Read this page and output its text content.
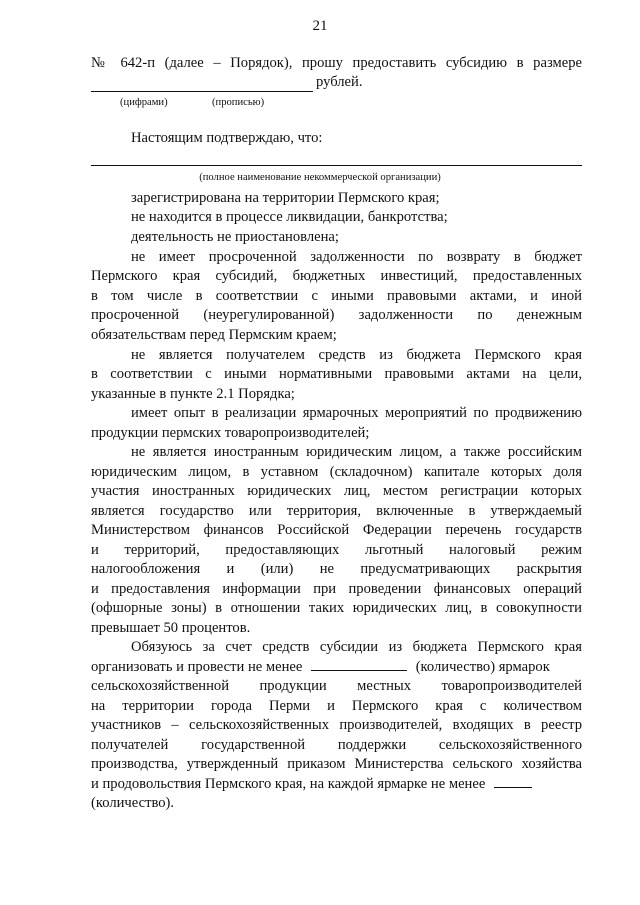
21
№ 642-п (далее – Порядок), прошу предоставить субсидию в размере
рублей.
(цифрами)	(прописью)
Настоящим подтверждаю, что:
(полное наименование некоммерческой организации)
зарегистрирована на территории Пермского края;
не находится в процессе ликвидации, банкротства;
деятельность не приостановлена;
не имеет просроченной задолженности по возврату в бюджет
Пермского края субсидий, бюджетных инвестиций, предоставленных
в том числе в соответствии с иными правовыми актами, и иной
просроченной (неурегулированной) задолженности по денежным
обязательствам перед Пермским краем;
не является получателем средств из бюджета Пермского края
в соответствии с иными нормативными правовыми актами на цели,
указанные в пункте 2.1 Порядка;
имеет опыт в реализации ярмарочных мероприятий по продвижению
продукции пермских товаропроизводителей;
не является иностранным юридическим лицом, а также российским
юридическим лицом, в уставном (складочном) капитале которых доля
участия иностранных юридических лиц, местом регистрации которых
является государство или территория, включенные в утверждаемый
Министерством финансов Российской Федерации перечень государств
и территорий, предоставляющих льготный налоговый режим
налогообложения и (или) не предусматривающих раскрытия
и предоставления информации при проведении финансовых операций
(офшорные зоны) в отношении таких юридических лиц, в совокупности
превышает 50 процентов.
Обязуюсь за счет средств субсидии из бюджета Пермского края
организовать и провести не менее	(количество) ярмарок
сельскохозяйственной продукции местных товаропроизводителей
на территории города Перми и Пермского края с количеством
участников – сельскохозяйственных производителей, входящих в реестр
получателей государственной поддержки сельскохозяйственного
производства, утвержденный приказом Министерства сельского хозяйства
и продовольствия Пермского края, на каждой ярмарке не менее
(количество).
